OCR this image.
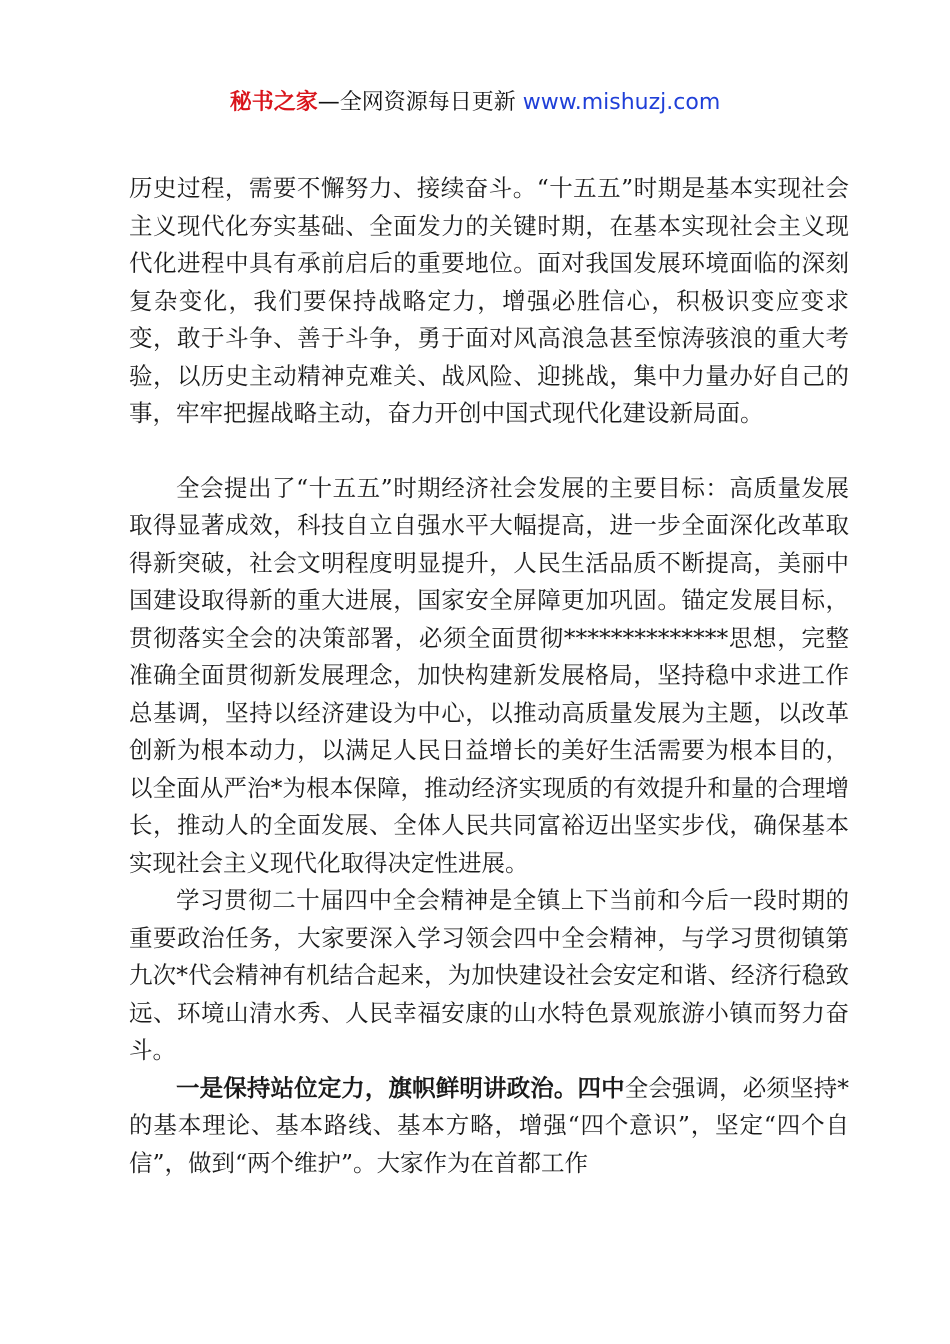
秘书之家—全网资源每日更新 www.mishuzj.com

历史过程，需要不懈努力、接续奋斗。“十五五”时期是基本实现社会主义现代化夯实基础、全面发力的关键时期，在基本实现社会主义现代化进程中具有承前启后的重要地位。面对我国发展环境面临的深刻复杂变化，我们要保持战略定力，增强必胜信心，积极识变应变求变，敢于斗争、善于斗争，勇于面对风高浪急甚至惊涛骇浪的重大考验，以历史主动精神克难关、战风险、迎挑战，集中力量办好自己的事，牢牢把握战略主动，奋力开创中国式现代化建设新局面。

全会提出了“十五五”时期经济社会发展的主要目标：高质量发展取得显著成效，科技自立自强水平大幅提高，进一步全面深化改革取得新突破，社会文明程度明显提升，人民生活品质不断提高，美丽中国建设取得新的重大进展，国家安全屏障更加巩固。锚定发展目标，贯彻落实全会的决策部署，必须全面贯彻**************思想，完整准确全面贯彻新发展理念，加快构建新发展格局，坚持稳中求进工作总基调，坚持以经济建设为中心，以推动高质量发展为主题，以改革创新为根本动力，以满足人民日益增长的美好生活需要为根本目的，以全面从严治*为根本保障，推动经济实现质的有效提升和量的合理增长，推动人的全面发展、全体人民共同富裕迈出坚实步伐，确保基本实现社会主义现代化取得决定性进展。

学习贯彻二十届四中全会精神是全镇上下当前和今后一段时期的重要政治任务，大家要深入学习领会四中全会精神，与学习贯彻镇第九次*代会精神有机结合起来，为加快建设社会安定和谐、经济行稳致远、环境山清水秀、人民幸福安康的山水特色景观旅游小镇而努力奋斗。

一是保持站位定力，旗帜鲜明讲政治。四中全会强调，必须坚持*的基本理论、基本路线、基本方略，增强“四个意识”，坚定“四个自信”，做到“两个维护”。大家作为在首都工作
